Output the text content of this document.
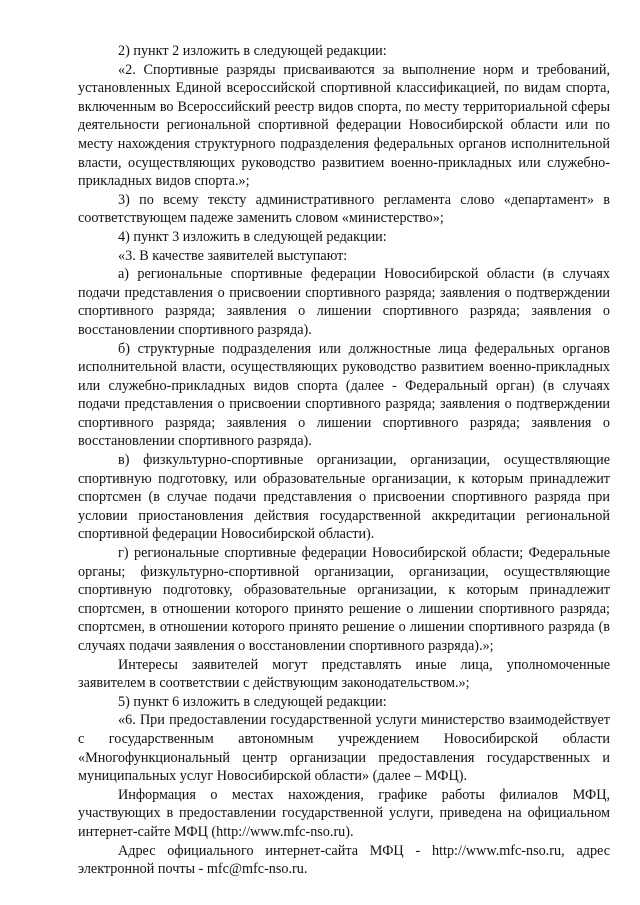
2) пункт 2 изложить в следующей редакции:

«2. Спортивные разряды присваиваются за выполнение норм и требований, установленных Единой всероссийской спортивной классификацией, по видам спорта, включенным во Всероссийский реестр видов спорта, по месту территориальной сферы деятельности региональной спортивной федерации Новосибирской области или по месту нахождения структурного подразделения федеральных органов исполнительной власти, осуществляющих руководство развитием военно-прикладных или служебно-прикладных видов спорта.»;

3) по всему тексту административного регламента слово «департамент» в соответствующем падеже заменить словом «министерство»;

4) пункт 3 изложить в следующей редакции:

«3. В качестве заявителей выступают:

а) региональные спортивные федерации Новосибирской области (в случаях подачи представления о присвоении спортивного разряда; заявления о подтверждении спортивного разряда; заявления о лишении спортивного разряда; заявления о восстановлении спортивного разряда).

б) структурные подразделения или должностные лица федеральных органов исполнительной власти, осуществляющих руководство развитием военно-прикладных или служебно-прикладных видов спорта (далее - Федеральный орган) (в случаях подачи представления о присвоении спортивного разряда; заявления о подтверждении спортивного разряда; заявления о лишении спортивного разряда; заявления о восстановлении спортивного разряда).

в) физкультурно-спортивные организации, организации, осуществляющие спортивную подготовку, или образовательные организации, к которым принадлежит спортсмен (в случае подачи представления о присвоении спортивного разряда при условии приостановления действия государственной аккредитации региональной спортивной федерации Новосибирской области).

г) региональные спортивные федерации Новосибирской области; Федеральные органы; физкультурно-спортивной организации, организации, осуществляющие спортивную подготовку, образовательные организации, к которым принадлежит спортсмен, в отношении которого принято решение о лишении спортивного разряда; спортсмен, в отношении которого принято решение о лишении спортивного разряда (в случаях подачи заявления о восстановлении спортивного разряда).»;

Интересы заявителей могут представлять иные лица, уполномоченные заявителем в соответствии с действующим законодательством.»;

5) пункт 6 изложить в следующей редакции:

«6. При предоставлении государственной услуги министерство взаимодействует с государственным автономным учреждением Новосибирской области «Многофункциональный центр организации предоставления государственных и муниципальных услуг Новосибирской области» (далее – МФЦ).

Информация о местах нахождения, графике работы филиалов МФЦ, участвующих в предоставлении государственной услуги, приведена на официальном интернет-сайте МФЦ (http://www.mfc-nso.ru).

Адрес официального интернет-сайта МФЦ - http://www.mfc-nso.ru, адрес электронной почты - mfc@mfc-nso.ru.
